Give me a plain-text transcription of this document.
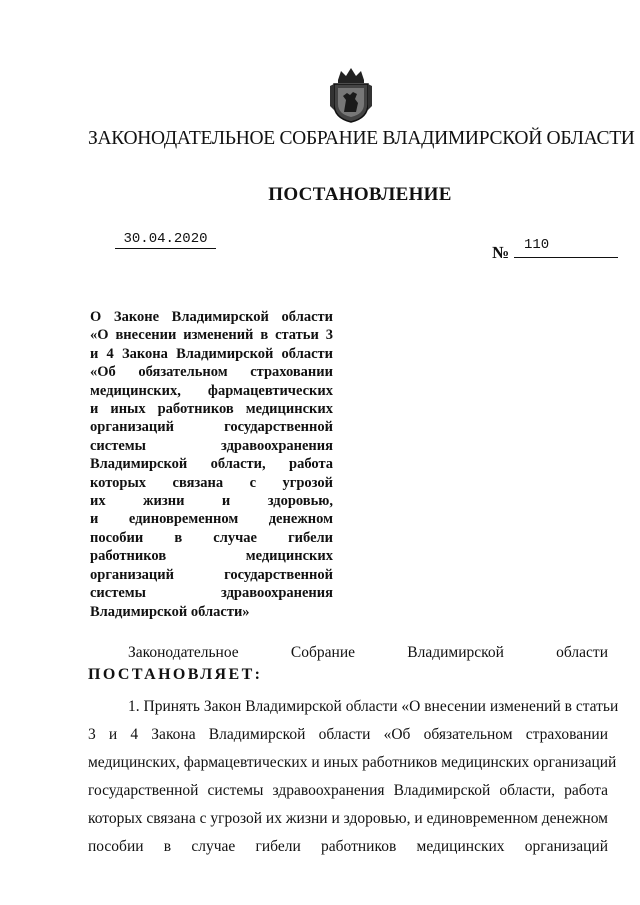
ЗАКОНОДАТЕЛЬНОЕ СОБРАНИЕ ВЛАДИМИРСКОЙ ОБЛАСТИ
ПОСТАНОВЛЕНИЕ
30.04.2020
№	110
О Законе Владимирской области
«О внесении изменений в статьи 3
и 4 Закона Владимирской области
«Об обязательном страховании
медицинских, фармацевтических
и иных работников медицинских
организаций государственной
системы здравоохранения
Владимирской области, работа
которых связана с угрозой
их жизни и здоровью,
и единовременном денежном
пособии в случае гибели
работников медицинских
организаций государственной
системы здравоохранения
Владимирской области»
Законодательное Собрание Владимирской области
ПОСТАНОВЛЯЕТ:
1. Принять Закон Владимирской области «О внесении изменений в статьи
3 и 4 Закона Владимирской области «Об обязательном страховании
медицинских, фармацевтических и иных работников медицинских организаций
государственной системы здравоохранения Владимирской области, работа
которых связана с угрозой их жизни и здоровью, и единовременном денежном
пособии в случае гибели работников медицинских организаций
